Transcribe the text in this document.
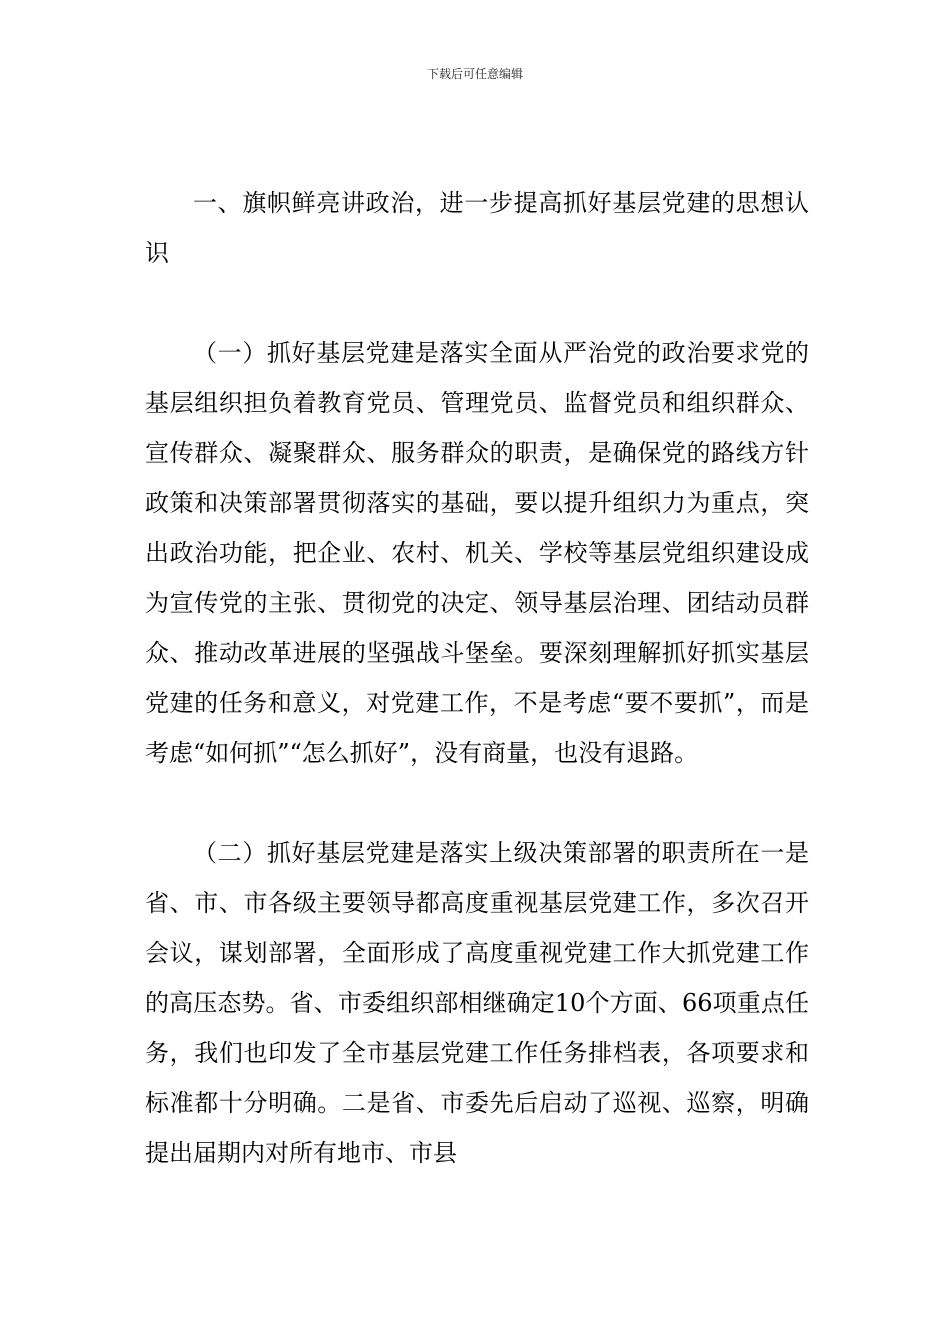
下载后可任意编辑

一、旗帜鲜亮讲政治，进一步提高抓好基层党建的思想认识

（一）抓好基层党建是落实全面从严治党的政治要求党的基层组织担负着教育党员、管理党员、监督党员和组织群众、宣传群众、凝聚群众、服务群众的职责，是确保党的路线方针政策和决策部署贯彻落实的基础，要以提升组织力为重点，突出政治功能，把企业、农村、机关、学校等基层党组织建设成为宣传党的主张、贯彻党的决定、领导基层治理、团结动员群众、推动改革进展的坚强战斗堡垒。要深刻理解抓好抓实基层党建的任务和意义，对党建工作，不是考虑“要不要抓”，而是考虑“如何抓”“怎么抓好”，没有商量，也没有退路。

（二）抓好基层党建是落实上级决策部署的职责所在一是省、市、市各级主要领导都高度重视基层党建工作，多次召开会议，谋划部署，全面形成了高度重视党建工作大抓党建工作的高压态势。省、市委组织部相继确定10个方面、66项重点任务，我们也印发了全市基层党建工作任务排档表，各项要求和标准都十分明确。二是省、市委先后启动了巡视、巡察，明确提出届期内对所有地市、市县
